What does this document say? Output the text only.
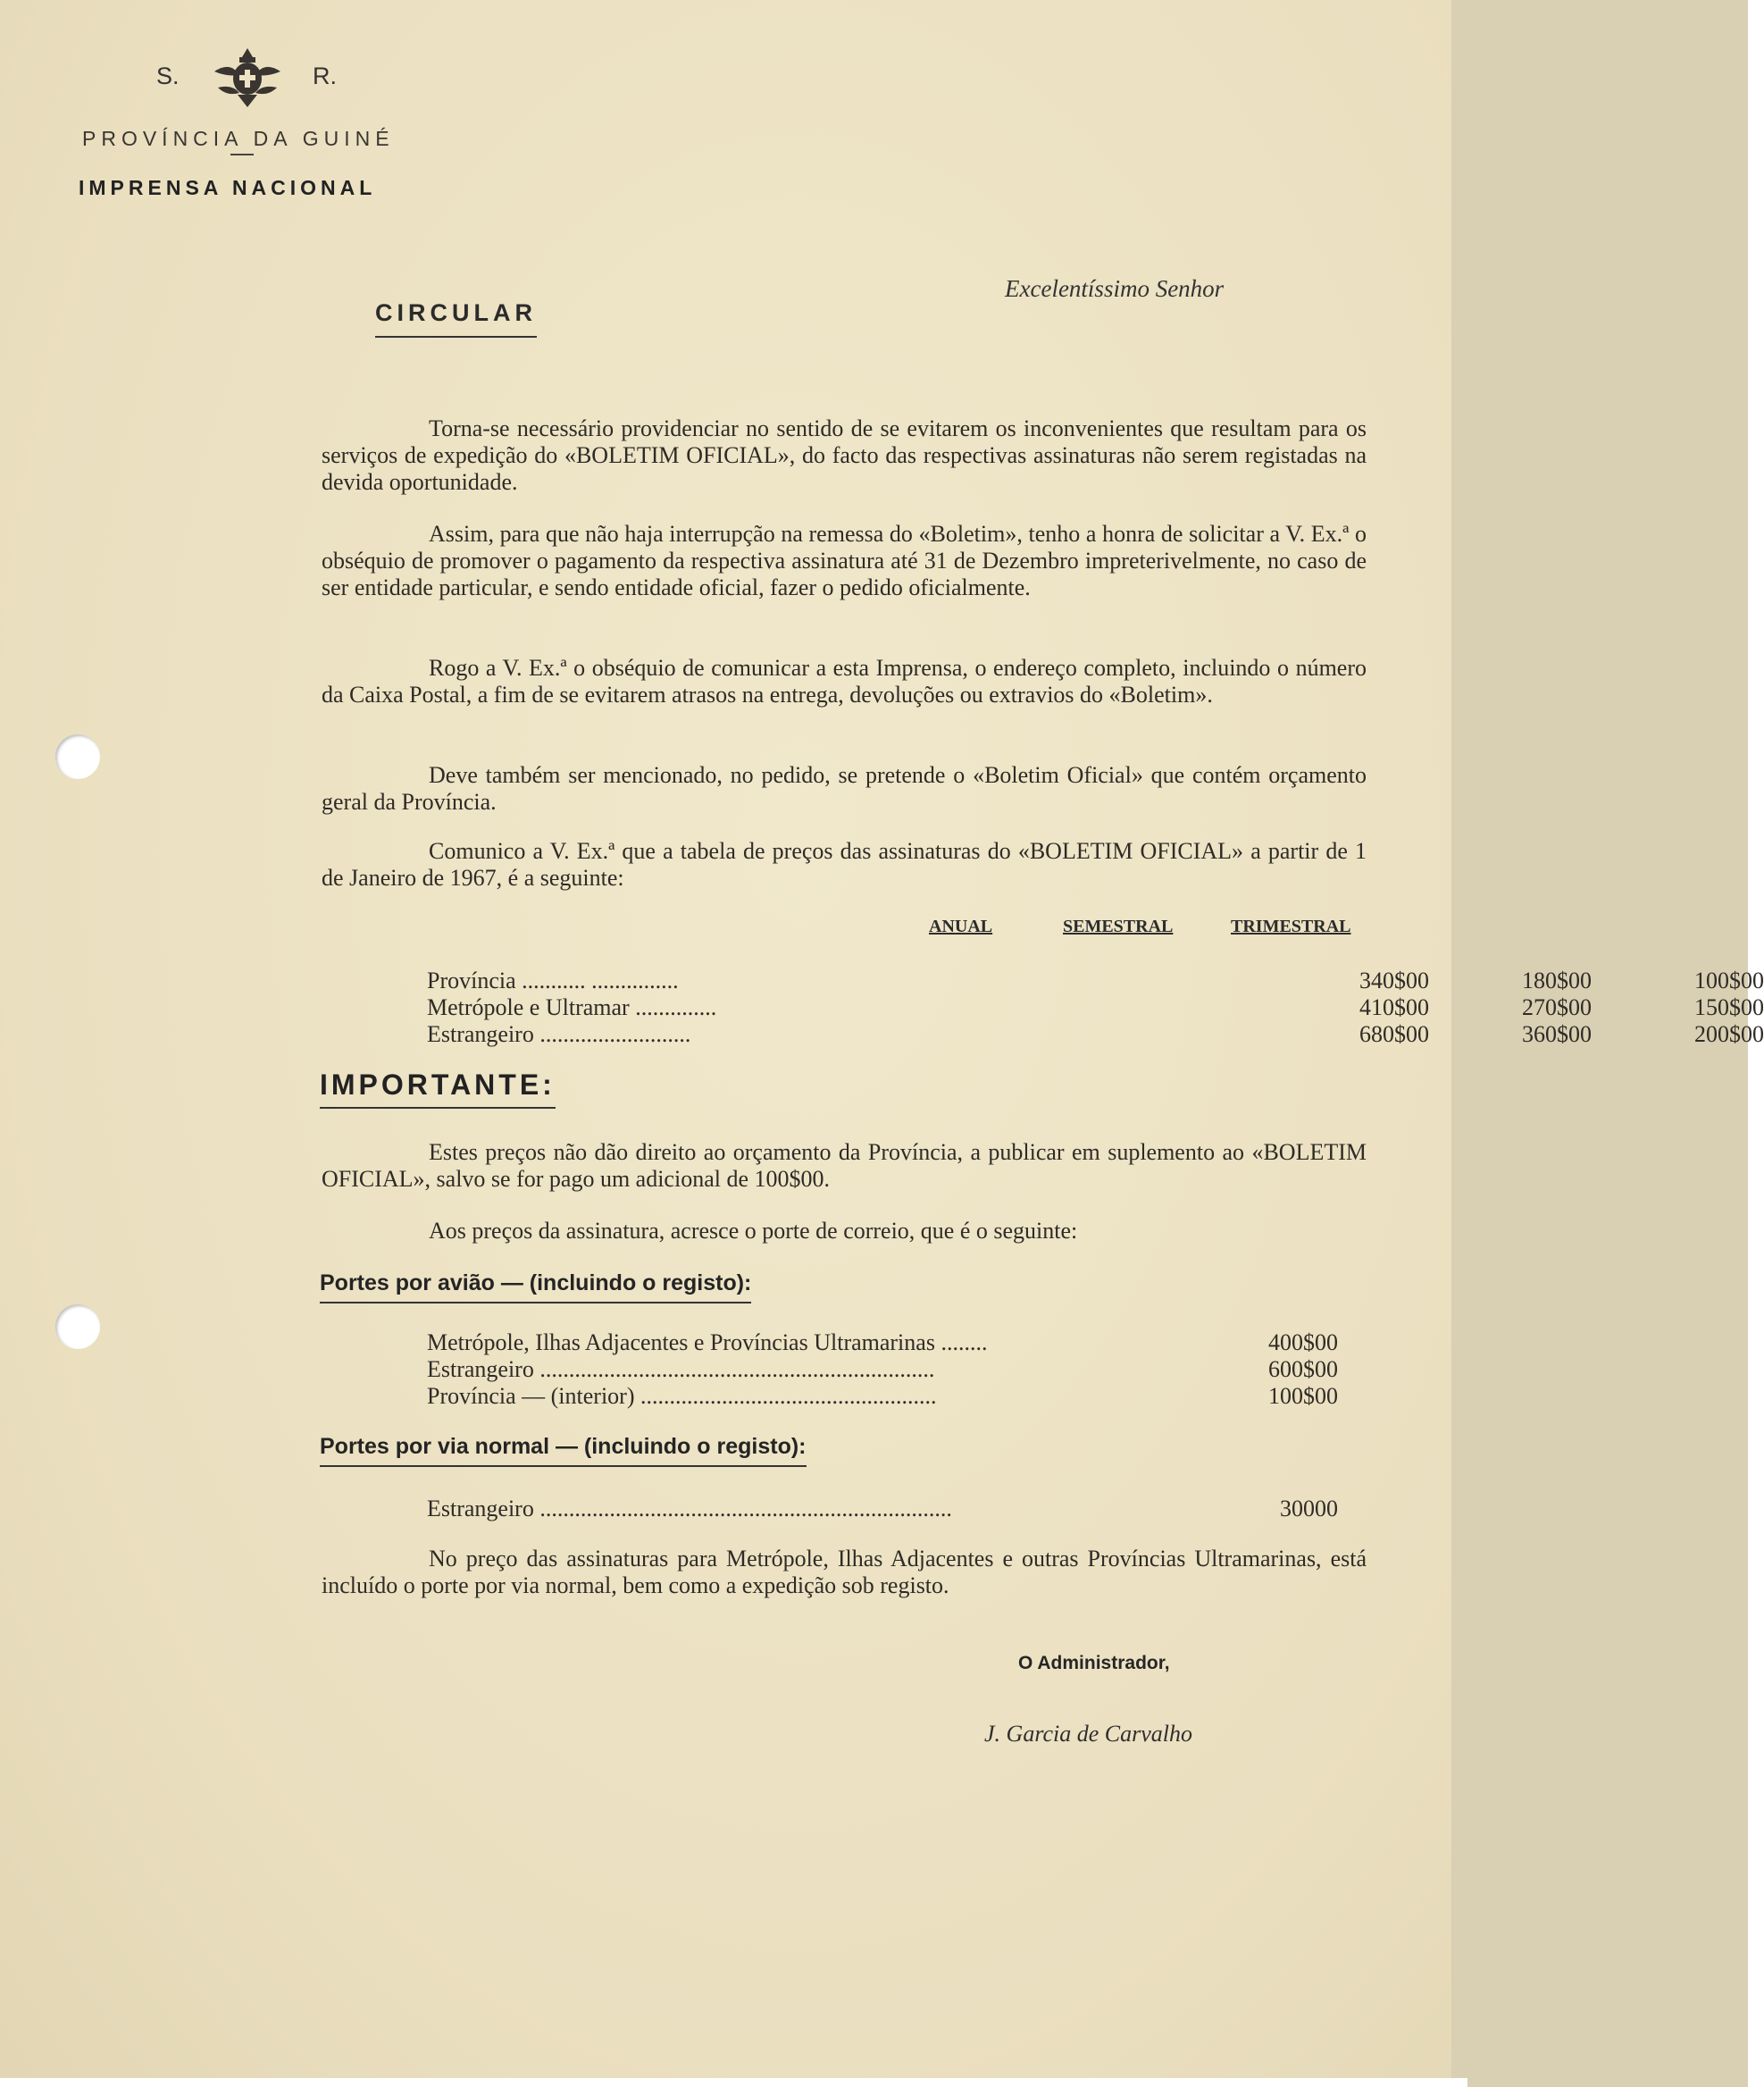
S.	R.
PROVÍNCIA DA GUINÉ
IMPRENSA NACIONAL
CIRCULAR
Excelentíssimo Senhor
Torna-se necessário providenciar no sentido de se evitarem os inconvenientes que resultam para os serviços de expedição do «BOLETIM OFICIAL», do facto das respectivas assinaturas não serem registadas na devida oportunidade.
Assim, para que não haja interrupção na remessa do «Boletim», tenho a honra de solicitar a V. Ex.ª o obséquio de promover o pagamento da respectiva assinatura até 31 de Dezembro impreterivelmente, no caso de ser entidade particular, e sendo entidade oficial, fazer o pedido oficialmente.
Rogo a V. Ex.ª o obséquio de comunicar a esta Imprensa, o endereço completo, incluindo o número da Caixa Postal, a fim de se evitarem atrasos na entrega, devoluções ou extravios do «Boletim».
Deve também ser mencionado, no pedido, se pretende o «Boletim Oficial» que contém orçamento geral da Província.
Comunico a V. Ex.ª que a tabela de preços das assinaturas do «BOLETIM OFICIAL» a partir de 1 de Janeiro de 1967, é a seguinte:
ANUAL	SEMESTRAL	TRIMESTRAL
Província ........... ...............	340$00	180$00	100$00
Metrópole e Ultramar ..............	410$00	270$00	150$00
Estrangeiro ..........................	680$00	360$00	200$00
IMPORTANTE:
Estes preços não dão direito ao orçamento da Província, a publicar em suplemento ao «BOLETIM OFICIAL», salvo se for pago um adicional de 100$00.
Aos preços da assinatura, acresce o porte de correio, que é o seguinte:
Portes por avião — (incluindo o registo):
Metrópole, Ilhas Adjacentes e Províncias Ultramarinas ........	400$00
Estrangeiro ....................................................................	600$00
Província — (interior) ...................................................	100$00
Portes por via normal — (incluindo o registo):
Estrangeiro .......................................................................	30000
No preço das assinaturas para Metrópole, Ilhas Adjacentes e outras Províncias Ultramarinas, está incluído o porte por via normal, bem como a expedição sob registo.
O Administrador,
J. Garcia de Carvalho
